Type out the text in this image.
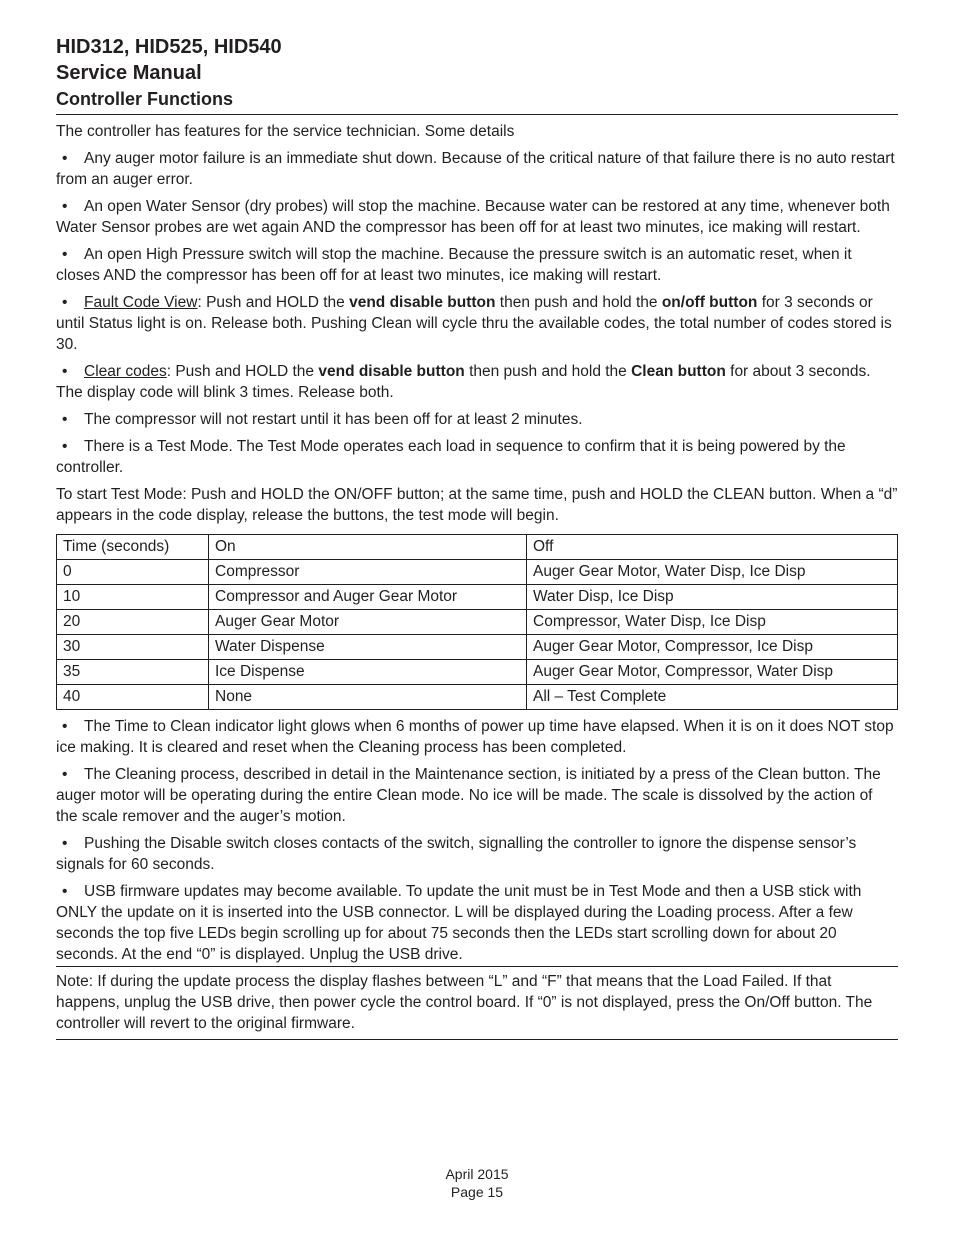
HID312, HID525, HID540
Service Manual
Controller Functions

The controller has features for the service technician. Some details

• Any auger motor failure is an immediate shut down. Because of the critical nature of that failure there is no auto restart from an auger error.

• An open Water Sensor (dry probes) will stop the machine. Because water can be restored at any time, whenever both Water Sensor probes are wet again AND the compressor has been off for at least two minutes, ice making will restart.

• An open High Pressure switch will stop the machine. Because the pressure switch is an automatic reset, when it closes AND the compressor has been off for at least two minutes, ice making will restart.

• Fault Code View: Push and HOLD the vend disable button then push and hold the on/off button for 3 seconds or until Status light is on. Release both. Pushing Clean will cycle thru the available codes, the total number of codes stored is 30.

• Clear codes: Push and HOLD the vend disable button then push and hold the Clean button for about 3 seconds. The display code will blink 3 times. Release both.

• The compressor will not restart until it has been off for at least 2 minutes.

• There is a Test Mode. The Test Mode operates each load in sequence to confirm that it is being powered by the controller.

To start Test Mode: Push and HOLD the ON/OFF button; at the same time, push and HOLD the CLEAN button. When a “d” appears in the code display, release the buttons, the test mode will begin.

Time (seconds)	On	Off
0	Compressor	Auger Gear Motor, Water Disp, Ice Disp
10	Compressor and Auger Gear Motor	Water Disp, Ice Disp
20	Auger Gear Motor	Compressor, Water Disp, Ice Disp
30	Water Dispense	Auger Gear Motor, Compressor, Ice Disp
35	Ice Dispense	Auger Gear Motor, Compressor, Water Disp
40	None	All – Test Complete

• The Time to Clean indicator light glows when 6 months of power up time have elapsed. When it is on it does NOT stop ice making. It is cleared and reset when the Cleaning process has been completed.

• The Cleaning process, described in detail in the Maintenance section, is initiated by a press of the Clean button. The auger motor will be operating during the entire Clean mode. No ice will be made. The scale is dissolved by the action of the scale remover and the auger’s motion.

• Pushing the Disable switch closes contacts of the switch, signalling the controller to ignore the dispense sensor’s signals for 60 seconds.

• USB firmware updates may become available. To update the unit must be in Test Mode and then a USB stick with ONLY the update on it is inserted into the USB connector. L will be displayed during the Loading process. After a few seconds the top five LEDs begin scrolling up for about 75 seconds then the LEDs start scrolling down for about 20 seconds. At the end “0” is displayed. Unplug the USB drive.

Note: If during the update process the display flashes between “L” and “F” that means that the Load Failed. If that happens, unplug the USB drive, then power cycle the control board. If “0” is not displayed, press the On/Off button. The controller will revert to the original firmware.

April 2015
Page 15
